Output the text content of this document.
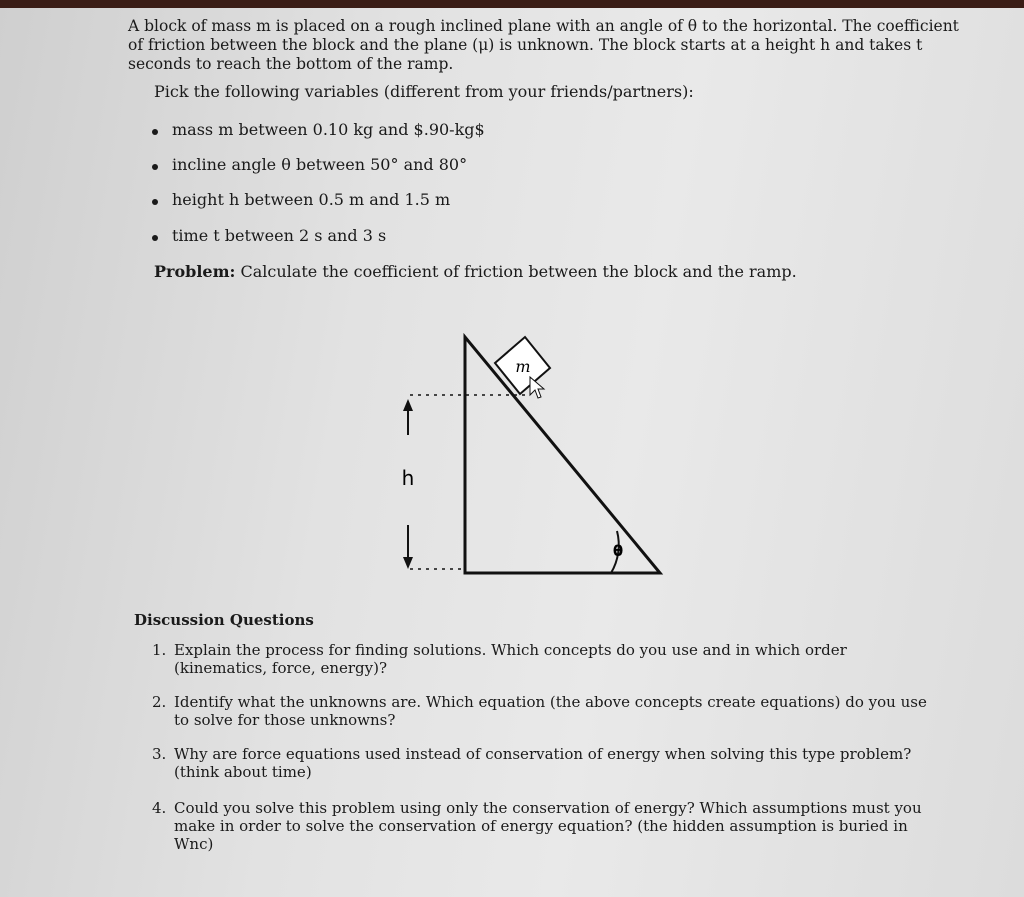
A block of mass m is placed on a rough inclined plane with an angle of θ to the horizontal. The coefficient of friction between the block and the plane (μ) is unknown. The block starts at a height h and takes t seconds to reach the bottom of the ramp.
Pick the following variables (different from your friends/partners):
mass m between 0.10 kg and $.90-kg$
incline angle θ between 50° and 80°
height h between 0.5 m and 1.5 m
time t between 2 s and 3 s
Problem: Calculate the coefficient of friction between the block and the ramp.
m
h
θ
Discussion Questions
1. Explain the process for finding solutions. Which concepts do you use and in which order (kinematics, force, energy)?
2. Identify what the unknowns are. Which equation (the above concepts create equations) do you use to solve for those unknowns?
3. Why are force equations used instead of conservation of energy when solving this type problem? (think about time)
4. Could you solve this problem using only the conservation of energy? Which assumptions must you make in order to solve the conservation of energy equation? (the hidden assumption is buried in Wnc)
